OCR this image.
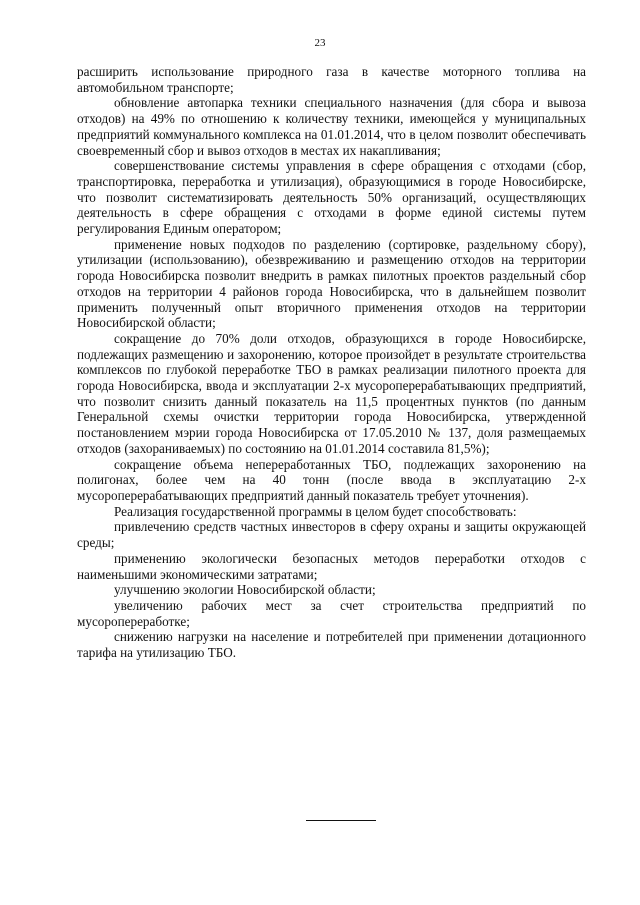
23

расширить использование природного газа в качестве моторного топлива на автомобильном транспорте;

обновление автопарка техники специального назначения (для сбора и вывоза отходов) на 49% по отношению к количеству техники, имеющейся у муниципальных предприятий коммунального комплекса на 01.01.2014, что в целом позволит обеспечивать своевременный сбор и вывоз отходов в местах их накапливания;

совершенствование системы управления в сфере обращения с отходами (сбор, транспортировка, переработка и утилизация), образующимися в городе Новосибирске, что позволит систематизировать деятельность 50% организаций, осуществляющих деятельность в сфере обращения с отходами в форме единой системы путем регулирования Единым оператором;

применение новых подходов по разделению (сортировке, раздельному сбору), утилизации (использованию), обезвреживанию и размещению отходов на территории города Новосибирска позволит внедрить в рамках пилотных проектов раздельный сбор отходов на территории 4 районов города Новосибирска, что в дальнейшем позволит применить полученный опыт вторичного применения отходов на территории Новосибирской области;

сокращение до 70% доли отходов, образующихся в городе Новосибирске, подлежащих размещению и захоронению, которое произойдет в результате строительства комплексов по глубокой переработке ТБО в рамках реализации пилотного проекта для города Новосибирска, ввода и эксплуатации 2-х мусороперерабатывающих предприятий, что позволит снизить данный показатель на 11,5 процентных пунктов (по данным Генеральной схемы очистки территории города Новосибирска, утвержденной постановлением мэрии города Новосибирска от 17.05.2010 № 137, доля размещаемых отходов (захораниваемых) по состоянию на 01.01.2014 составила 81,5%);

сокращение объема непереработанных ТБО, подлежащих захоронению на полигонах, более чем на 40 тонн (после ввода в эксплуатацию 2-х мусороперерабатывающих предприятий данный показатель требует уточнения).

Реализация государственной программы в целом будет способствовать:

привлечению средств частных инвесторов в сферу охраны и защиты окружающей среды;

применению экологически безопасных методов переработки отходов с наименьшими экономическими затратами;

улучшению экологии Новосибирской области;

увеличению рабочих мест за счет строительства предприятий по мусоропереработке;

снижению нагрузки на население и потребителей при применении дотационного тарифа на утилизацию ТБО.
